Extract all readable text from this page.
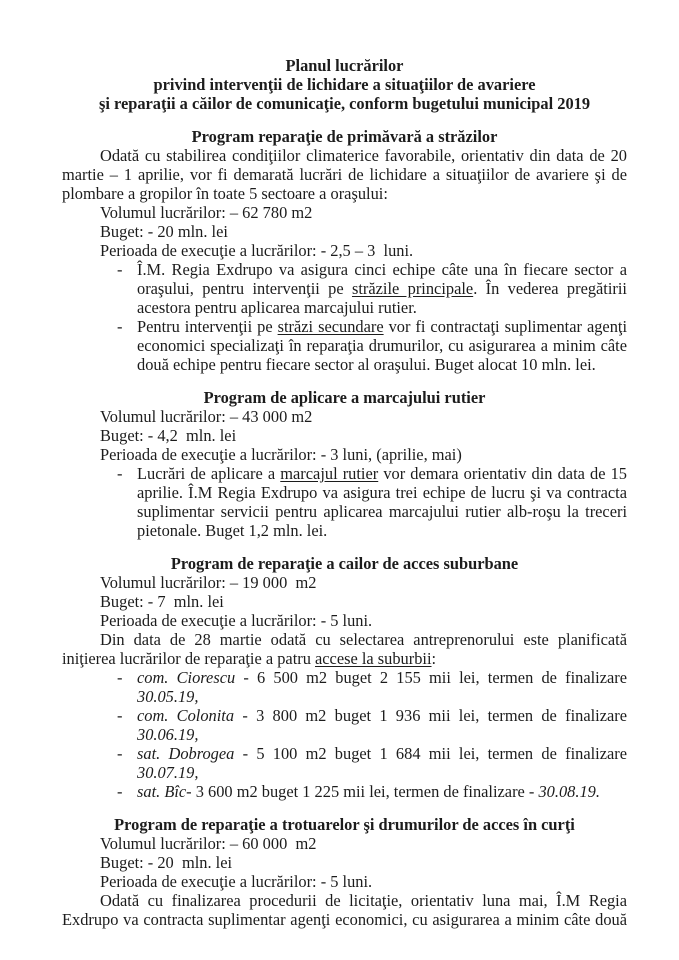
Planul lucrărilor
privind intervenţii de lichidare a situaţiilor de avariere
şi reparaţii a căilor de comunicaţie, conform bugetului municipal 2019
Program reparaţie de primăvară a străzilor

Odată cu stabilirea condiţiilor climaterice favorabile, orientativ din data de 20 martie – 1 aprilie, vor fi demarată lucrări de lichidare a situaţiilor de avariere şi de plombare a gropilor în toate 5 sectoare a oraşului:

Volumul lucrărilor: – 62 780 m2
Buget: - 20 mln. lei
Perioada de execuţie a lucrărilor: - 2,5 – 3  luni.
- Î.M. Regia Exdrupo va asigura cinci echipe câte una în fiecare sector a oraşului, pentru intervenţii pe străzile principale. În vederea pregătirii acestora pentru aplicarea marcajului rutier.
- Pentru intervenţii pe străzi secundare vor fi contractaţi suplimentar agenţi economici specializaţi în reparaţia drumurilor, cu asigurarea a minim câte două echipe pentru fiecare sector al oraşului. Buget alocat 10 mln. lei.
Program de aplicare a marcajului rutier
Volumul lucrărilor: – 43 000 m2
Buget: - 4,2  mln. lei
Perioada de execuţie a lucrărilor: - 3 luni, (aprilie, mai)
- Lucrări de aplicare a marcajul rutier vor demara orientativ din data de 15 aprilie. Î.M Regia Exdrupo va asigura trei echipe de lucru şi va contracta suplimentar servicii pentru aplicarea marcajului rutier alb-roşu la treceri pietonale. Buget 1,2 mln. lei.
Program de reparaţie a cailor de acces suburbane
Volumul lucrărilor: – 19 000  m2
Buget: - 7  mln. lei
Perioada de execuţie a lucrărilor: - 5 luni.

Din data de 28 martie odată cu selectarea antreprenorului este planificată iniţierea lucrărilor de reparaţie a patru accese la suburbii:

- com. Ciorescu - 6 500 m2 buget 2 155 mii lei, termen de finalizare 30.05.19,
- com. Colonita - 3 800 m2 buget 1 936 mii lei, termen de finalizare 30.06.19,
- sat. Dobrogea - 5 100 m2 buget 1 684 mii lei, termen de finalizare 30.07.19,
- sat. Bîc- 3 600 m2 buget 1 225 mii lei, termen de finalizare - 30.08.19.
Program de reparaţie a trotuarelor şi drumurilor de acces în curţi
Volumul lucrărilor: – 60 000  m2
Buget: - 20  mln. lei
Perioada de execuţie a lucrărilor: - 5 luni.

Odată cu finalizarea procedurii de licitaţie, orientativ luna mai, Î.M Regia Exdrupo va contracta suplimentar agenţi economici, cu asigurarea a minim câte două
